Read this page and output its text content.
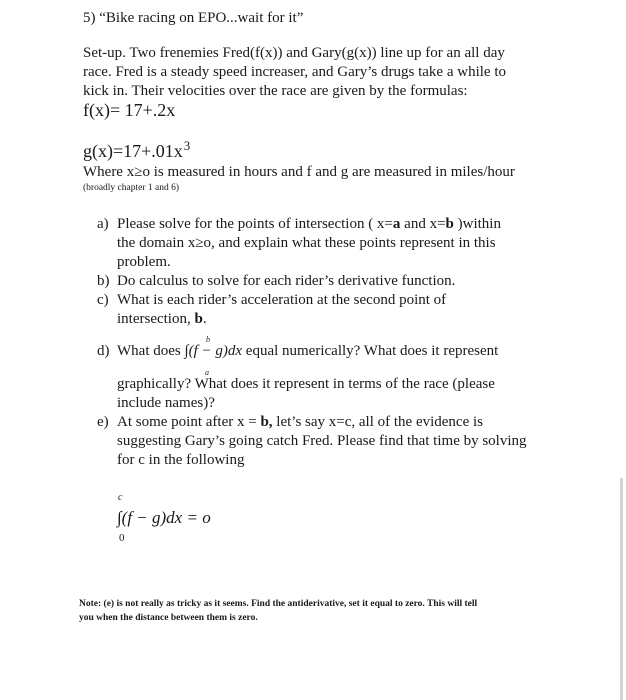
5) “Bike racing on EPO...wait for it”
Set-up. Two frenemies Fred(f(x)) and Gary(g(x)) line up for an all day
race. Fred is a steady speed increaser, and Gary’s drugs take a while to
kick in. Their velocities over the race are given by the formulas:
f(x)= 17+.2x
$g(x)=17+.01x^3$
Where x≥o is measured in hours and f and g are measured in miles/hour
(broadly chapter 1 and 6)
a) Please solve for the points of intersection ( x=a and x=b )within
the domain x≥o, and explain what these points represent in this
problem.
b) Do calculus to solve for each rider’s derivative function.
c) What is each rider’s acceleration at the second point of
intersection, b.
d) What does ∫(f − g)dx equal numerically? What does it represent
b
a
graphically? What does it represent in terms of the race (please
include names)?
e) At some point after x = b, let’s say x=c, all of the evidence is
suggesting Gary’s going catch Fred. Please find that time by solving
for c in the following
c
∫(f − g)dx = o
0
Note: (e) is not really as tricky as it seems. Find the antiderivative, set it equal to zero. This will tell
you when the distance between them is zero.
